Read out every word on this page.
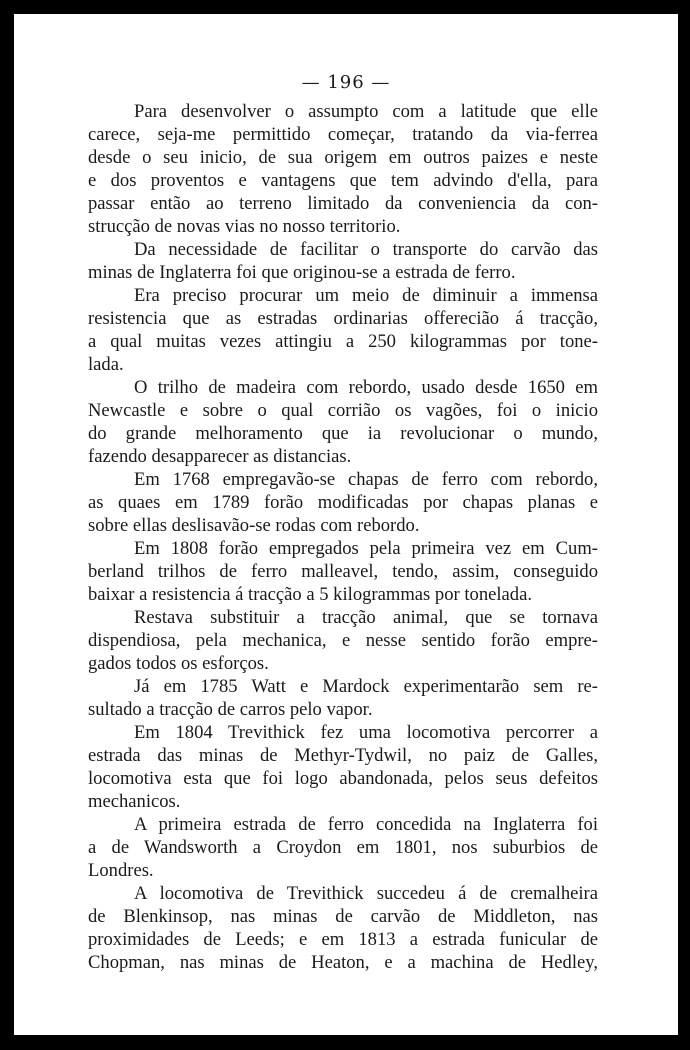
— 196 —
Para desenvolver o assumpto com a latitude que elle
carece, seja-me permittido começar, tratando da via-ferrea
desde o seu inicio, de sua origem em outros paizes e neste
e dos proventos e vantagens que tem advindo d'ella, para
passar então ao terreno limitado da conveniencia da con-
strucção de novas vias no nosso territorio.
Da necessidade de facilitar o transporte do carvão das
minas de Inglaterra foi que originou-se a estrada de ferro.
Era preciso procurar um meio de diminuir a immensa
resistencia que as estradas ordinarias offerecião á tracção,
a qual muitas vezes attingiu a 250 kilogrammas por tone-
lada.
O trilho de madeira com rebordo, usado desde 1650 em
Newcastle e sobre o qual corrião os vagões, foi o inicio
do grande melhoramento que ia revolucionar o mundo,
fazendo desapparecer as distancias.
Em 1768 empregavão-se chapas de ferro com rebordo,
as quaes em 1789 forão modificadas por chapas planas e
sobre ellas deslisavão-se rodas com rebordo.
Em 1808 forão empregados pela primeira vez em Cum-
berland trilhos de ferro malleavel, tendo, assim, conseguido
baixar a resistencia á tracção a 5 kilogrammas por tonelada.
Restava substituir a tracção animal, que se tornava
dispendiosa, pela mechanica, e nesse sentido forão empre-
gados todos os esforços.
Já em 1785 Watt e Mardock experimentarão sem re-
sultado a tracção de carros pelo vapor.
Em 1804 Trevithick fez uma locomotiva percorrer a
estrada das minas de Methyr-Tydwil, no paiz de Galles,
locomotiva esta que foi logo abandonada, pelos seus defeitos
mechanicos.
A primeira estrada de ferro concedida na Inglaterra foi
a de Wandsworth a Croydon em 1801, nos suburbios de
Londres.
A locomotiva de Trevithick succedeu á de cremalheira
de Blenkinsop, nas minas de carvão de Middleton, nas
proximidades de Leeds; e em 1813 a estrada funicular de
Chopman, nas minas de Heaton, e a machina de Hedley,
